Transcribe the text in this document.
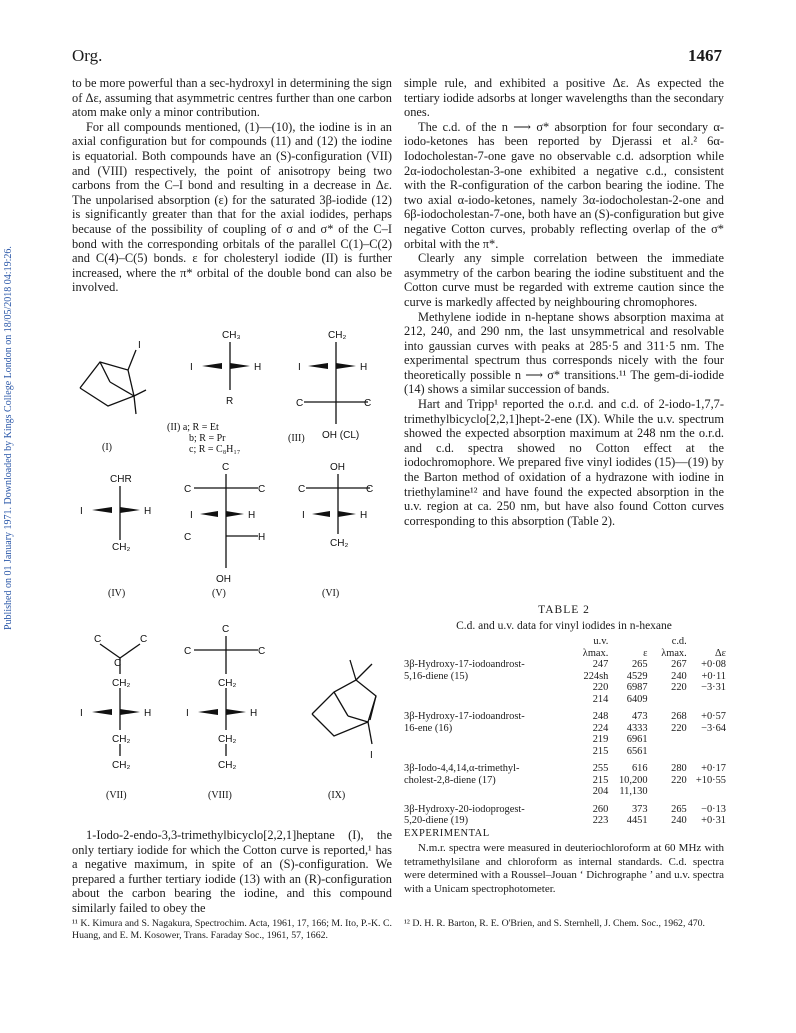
Org.	1467
Published on 01 January 1971. Downloaded by Kings College London on 18/05/2018 04:19:26.

to be more powerful than a sec-hydroxyl in determining the sign of Δε, assuming that asymmetric centres further than one carbon atom make only a minor contribution.

For all compounds mentioned, (1)—(10), the iodine is in an axial configuration but for compounds (11) and (12) the iodine is equatorial. Both compounds have an (S)-configuration (VII) and (VIII) respectively, the point of anisotropy being two carbons from the C–I bond and resulting in a decrease in Δε. The unpolarised absorption (ε) for the saturated 3β-iodide (12) is significantly greater than that for the axial iodides, perhaps because of the possibility of coupling of σ and σ* of the C–I bond with the corresponding orbitals of the parallel C(1)–C(2) and C(4)–C(5) bonds. ε for cholesteryl iodide (II) is further increased, where the π* orbital of the double bond can also be involved.

I
(I)
CH₃
I	H
R
(II) a; R = Et
b; R = Pr
c; R = C₈H₁₇
CH₂
I	H
C	C
OH (CL)
(III)
CHR
I	H
CH₂
(IV)
C
C	C
I	H
C	H
OH
(V)
OH
C	C
I	H
CH₂
(VI)
C	C
C
CH₂
I	H
CH₂
CH₂
(VII)
C
C	C
CH₂
I	H
CH₂
CH₂
(VIII)
I
(IX)

1-Iodo-2-endo-3,3-trimethylbicyclo[2,2,1]heptane (I), the only tertiary iodide for which the Cotton curve is reported,¹ has a negative maximum, in spite of an (S)-configuration. We prepared a further tertiary iodide (13) with an (R)-configuration about the carbon bearing the iodine, and this compound similarly failed to obey the

simple rule, and exhibited a positive Δε. As expected the tertiary iodide adsorbs at longer wavelengths than the secondary ones.

The c.d. of the n ⟶ σ* absorption for four secondary α-iodo-ketones has been reported by Djerassi et al.² 6α-Iodocholestan-7-one gave no observable c.d. adsorption while 2α-iodocholestan-3-one exhibited a negative c.d., consistent with the R-configuration of the carbon bearing the iodine. The two axial α-iodo-ketones, namely 3α-iodocholestan-2-one and 6β-iodocholestan-7-one, both have an (S)-configuration but give negative Cotton curves, probably reflecting overlap of the σ* orbital with the π*.

Clearly any simple correlation between the immediate asymmetry of the carbon bearing the iodine substituent and the Cotton curve must be regarded with extreme caution since the curve is markedly affected by neighbouring chromophores.

Methylene iodide in n-heptane shows absorption maxima at 212, 240, and 290 nm, the last unsymmetrical and resolvable into gaussian curves with peaks at 285·5 and 311·5 nm. The experimental spectrum thus corresponds nicely with the four theoretically possible n ⟶ σ* transitions.¹¹ The gem-di-iodide (14) shows a similar succession of bands.

Hart and Tripp¹ reported the o.r.d. and c.d. of 2-iodo-1,7,7-trimethylbicyclo[2,2,1]hept-2-ene (IX). While the u.v. spectrum showed the expected absorption maximum at 248 nm the o.r.d. and c.d. spectra showed no Cotton effect at the iodochromophore. We prepared five vinyl iodides (15)—(19) by the Barton method of oxidation of a hydrazone with iodine in triethylamine¹² and have found the expected absorption in the u.v. region at ca. 250 nm, but have also found Cotton curves corresponding to this absorption (Table 2).

TABLE 2
C.d. and u.v. data for vinyl iodides in n-hexane
	u.v.		c.d.	
	λmax.	ε	λmax.	Δε
3β-Hydroxy-17-iodoandrost-	247	265	267	+0·08
5,16-diene (15)	224sh	4529	240	+0·11
	220	6987	220	−3·31
	214	6409		

3β-Hydroxy-17-iodoandrost-	248	473	268	+0·57
16-ene (16)	224	4333	220	−3·64
	219	6961		
	215	6561		

3β-Iodo-4,4,14,α-trimethyl-	255	616	280	+0·17
cholest-2,8-diene (17)	215	10,200	220	+10·55
	204	11,130		

3β-Hydroxy-20-iodoprogest-	260	373	265	−0·13
5,20-diene (19)	223	4451	240	+0·31
EXPERIMENTAL

N.m.r. spectra were measured in deuteriochloroform at 60 MHz with tetramethylsilane and chloroform as internal standards. C.d. spectra were determined with a Roussel–Jouan ‘ Dichrographe ’ and u.v. spectra with a Unicam spectrophotometer.

¹¹ K. Kimura and S. Nagakura, Spectrochim. Acta, 1961, 17, 166; M. Ito, P.-K. C. Huang, and E. M. Kosower, Trans. Faraday Soc., 1961, 57, 1662.
¹² D. H. R. Barton, R. E. O'Brien, and S. Sternhell, J. Chem. Soc., 1962, 470.
